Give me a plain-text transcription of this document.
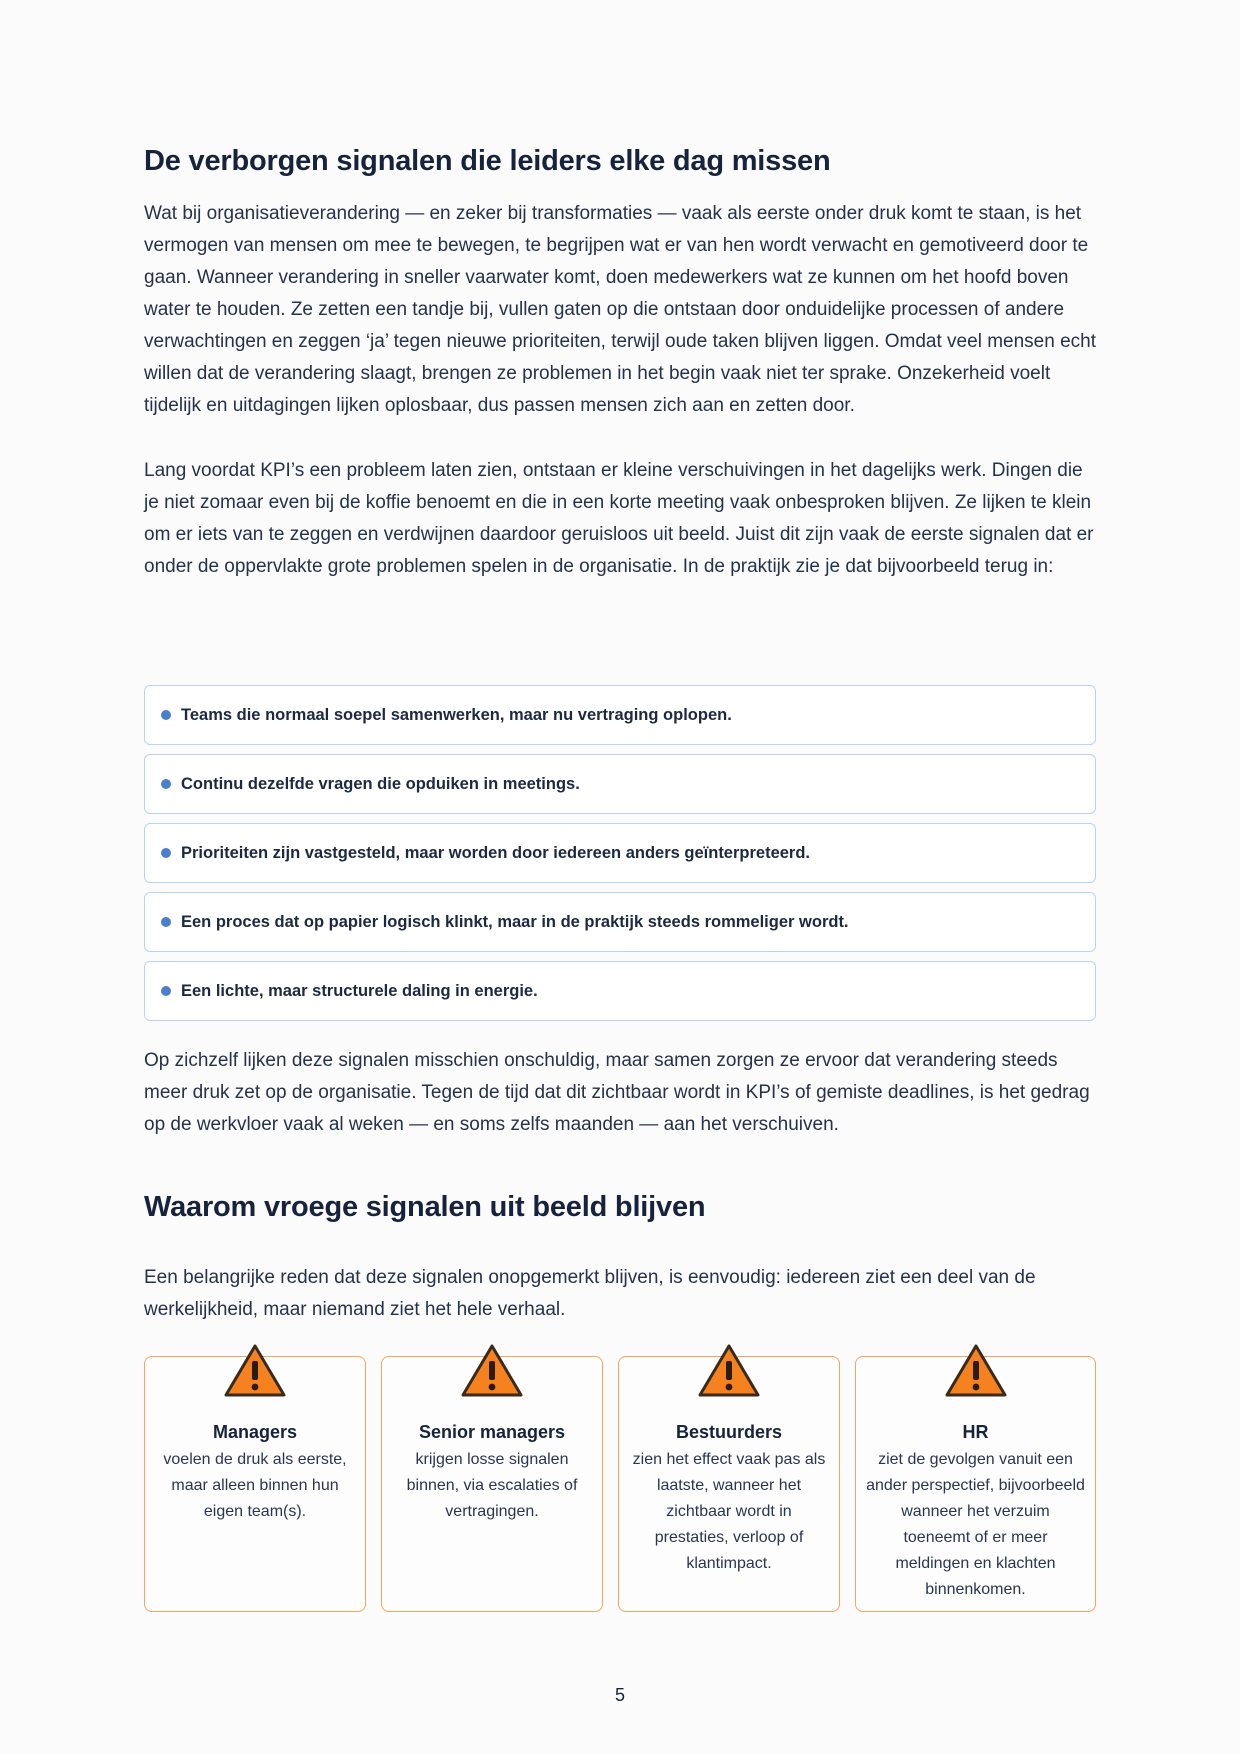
De verborgen signalen die leiders elke dag missen

Wat bij organisatieverandering — en zeker bij transformaties — vaak als eerste onder druk komt te staan, is het vermogen van mensen om mee te bewegen, te begrijpen wat er van hen wordt verwacht en gemotiveerd door te gaan. Wanneer verandering in sneller vaarwater komt, doen medewerkers wat ze kunnen om het hoofd boven water te houden. Ze zetten een tandje bij, vullen gaten op die ontstaan door onduidelijke processen of andere verwachtingen en zeggen ‘ja’ tegen nieuwe prioriteiten, terwijl oude taken blijven liggen. Omdat veel mensen echt willen dat de verandering slaagt, brengen ze problemen in het begin vaak niet ter sprake. Onzekerheid voelt tijdelijk en uitdagingen lijken oplosbaar, dus passen mensen zich aan en zetten door.

Lang voordat KPI’s een probleem laten zien, ontstaan er kleine verschuivingen in het dagelijks werk. Dingen die je niet zomaar even bij de koffie benoemt en die in een korte meeting vaak onbesproken blijven. Ze lijken te klein om er iets van te zeggen en verdwijnen daardoor geruisloos uit beeld. Juist dit zijn vaak de eerste signalen dat er onder de oppervlakte grote problemen spelen in de organisatie. In de praktijk zie je dat bijvoorbeeld terug in:

Teams die normaal soepel samenwerken, maar nu vertraging oplopen.
Continu dezelfde vragen die opduiken in meetings.
Prioriteiten zijn vastgesteld, maar worden door iedereen anders geïnterpreteerd.
Een proces dat op papier logisch klinkt, maar in de praktijk steeds rommeliger wordt.
Een lichte, maar structurele daling in energie.

Op zichzelf lijken deze signalen misschien onschuldig, maar samen zorgen ze ervoor dat verandering steeds meer druk zet op de organisatie. Tegen de tijd dat dit zichtbaar wordt in KPI’s of gemiste deadlines, is het gedrag op de werkvloer vaak al weken — en soms zelfs maanden — aan het verschuiven.

Waarom vroege signalen uit beeld blijven

Een belangrijke reden dat deze signalen onopgemerkt blijven, is eenvoudig: iedereen ziet een deel van de werkelijkheid, maar niemand ziet het hele verhaal.

Managers
voelen de druk als eerste, maar alleen binnen hun eigen team(s).
Senior managers
krijgen losse signalen binnen, via escalaties of vertragingen.
Bestuurders
zien het effect vaak pas als laatste, wanneer het zichtbaar wordt in prestaties, verloop of klantimpact.
HR
ziet de gevolgen vanuit een ander perspectief, bijvoorbeeld wanneer het verzuim toeneemt of er meer meldingen en klachten binnenkomen.
5
